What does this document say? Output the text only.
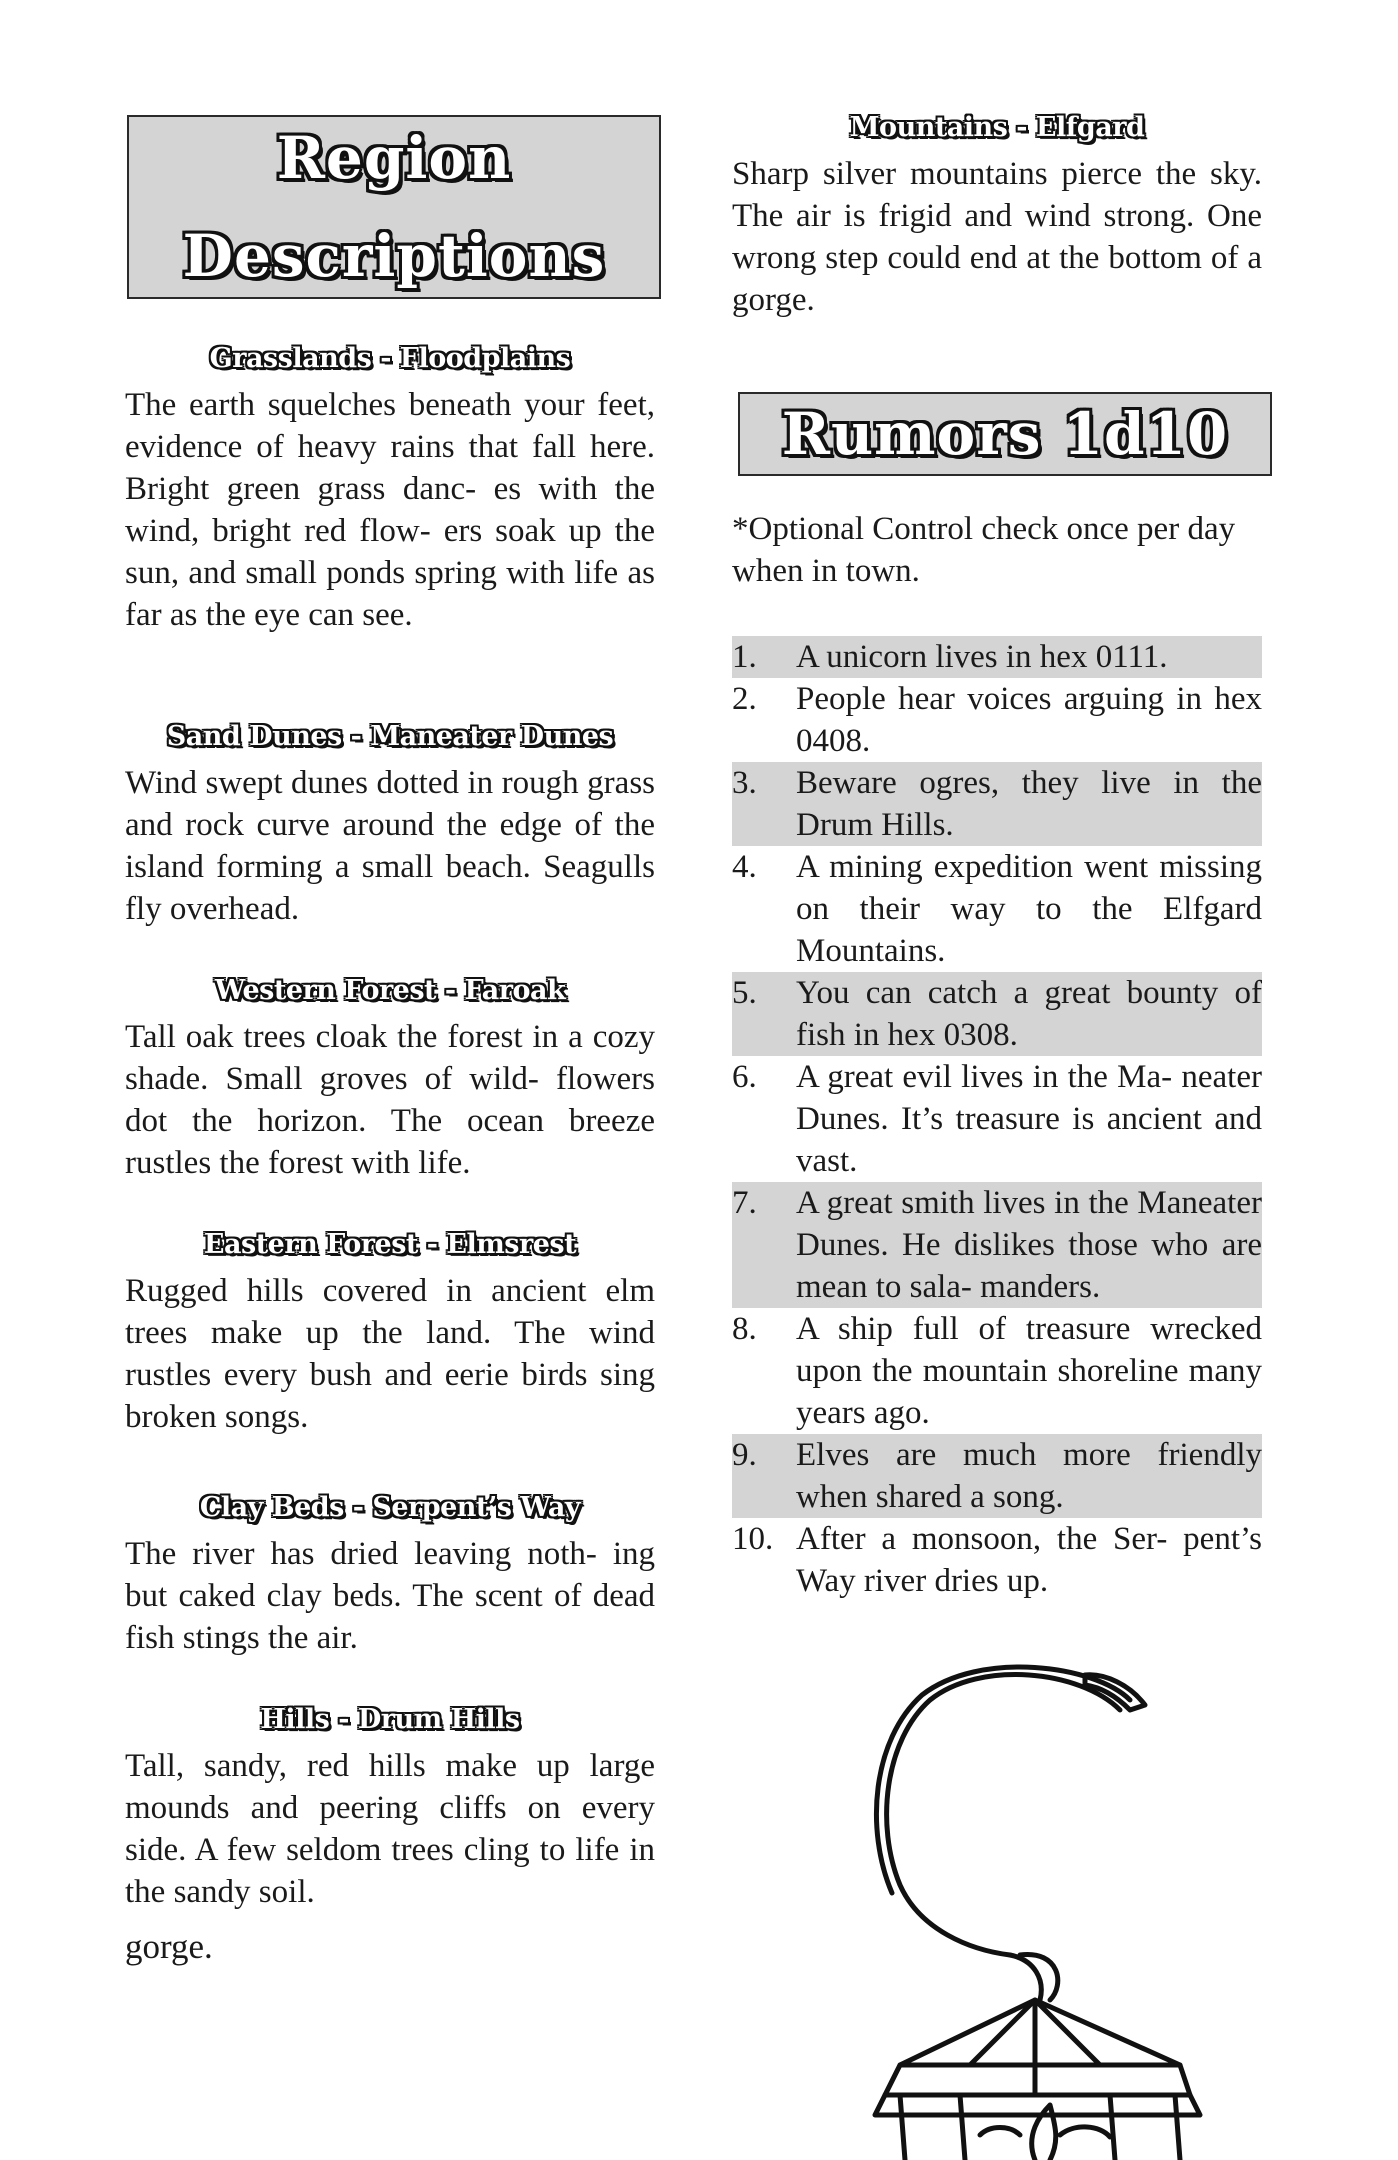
Region
Descriptions
Grasslands - Floodplains

The earth squelches beneath your feet, evidence of heavy rains that fall here. Bright green grass danc- es with the wind, bright red flow- ers soak up the sun, and small ponds spring with life as far as the eye can see.

Sand Dunes - Maneater Dunes

Wind swept dunes dotted in rough grass and rock curve around the edge of the island forming a small beach. Seagulls fly overhead.

Western Forest - Faroak

Tall oak trees cloak the forest in a cozy shade. Small groves of wild- flowers dot the horizon. The ocean breeze rustles the forest with life.

Eastern Forest - Elmsrest

Rugged hills covered in ancient elm trees make up the land. The wind rustles every bush and eerie birds sing broken songs.

Clay Beds - Serpent’s Way

The river has dried leaving noth- ing but caked clay beds. The scent of dead fish stings the air.

Hills - Drum Hills

Tall, sandy, red hills make up large mounds and peering cliffs on every side. A few seldom trees cling to life in the sandy soil.

gorge.
Mountains - Elfgard

Sharp silver mountains pierce the sky. The air is frigid and wind strong. One wrong step could end at the bottom of a gorge.

Rumors 1d10
*Optional Control check once per day when in town.
1.	A unicorn lives in hex 0111.
2.	People hear voices arguing in hex 0408.
3.	Beware ogres, they live in the Drum Hills.
4.	A mining expedition went missing on their way to the Elfgard Mountains.
5.	You can catch a great bounty of fish in hex 0308.
6.	A great evil lives in the Ma- neater Dunes. It’s treasure is ancient and vast.
7.	A great smith lives in the Maneater Dunes. He dislikes those who are mean to sala- manders.
8.	A ship full of treasure wrecked upon the mountain shoreline many years ago.
9.	Elves are much more friendly when shared a song.
10. After a monsoon, the Ser- pent’s Way river dries up.
